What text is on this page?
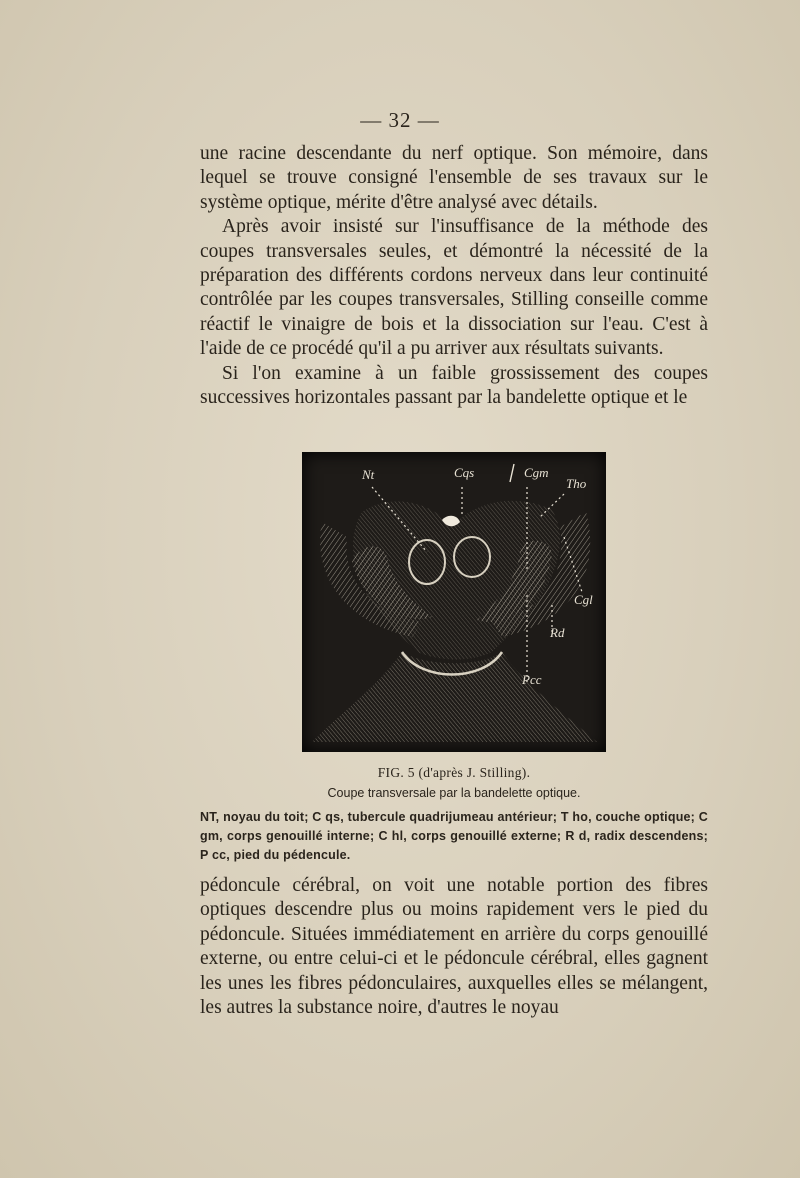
— 32 —

une racine descendante du nerf optique. Son mémoire, dans lequel se trouve consigné l'ensemble de ses travaux sur le système optique, mérite d'être analysé avec détails.

Après avoir insisté sur l'insuffisance de la méthode des coupes transversales seules, et démontré la nécessité de la préparation des différents cordons nerveux dans leur continuité contrôlée par les coupes transversales, Stilling conseille comme réactif le vinaigre de bois et la dissociation sur l'eau. C'est à l'aide de ce procédé qu'il a pu arriver aux résultats suivants.

Si l'on examine à un faible grossissement des coupes successives horizontales passant par la bandelette optique et le

Nt	Cqs	Cgm
Tho
Cgl
Rd
Pcc
FIG. 5 (d'après J. Stilling).
Coupe transversale par la bandelette optique.
NT, noyau du toit; C qs, tubercule quadrijumeau antérieur; T ho, couche optique; C gm, corps genouillé interne; C hl, corps genouillé externe; R d, radix descendens; P cc, pied du pédencule.

pédoncule cérébral, on voit une notable portion des fibres optiques descendre plus ou moins rapidement vers le pied du pédoncule. Situées immédiatement en arrière du corps genouillé externe, ou entre celui-ci et le pédoncule cérébral, elles gagnent les unes les fibres pédonculaires, auxquelles elles se mélangent, les autres la substance noire, d'autres le noyau
